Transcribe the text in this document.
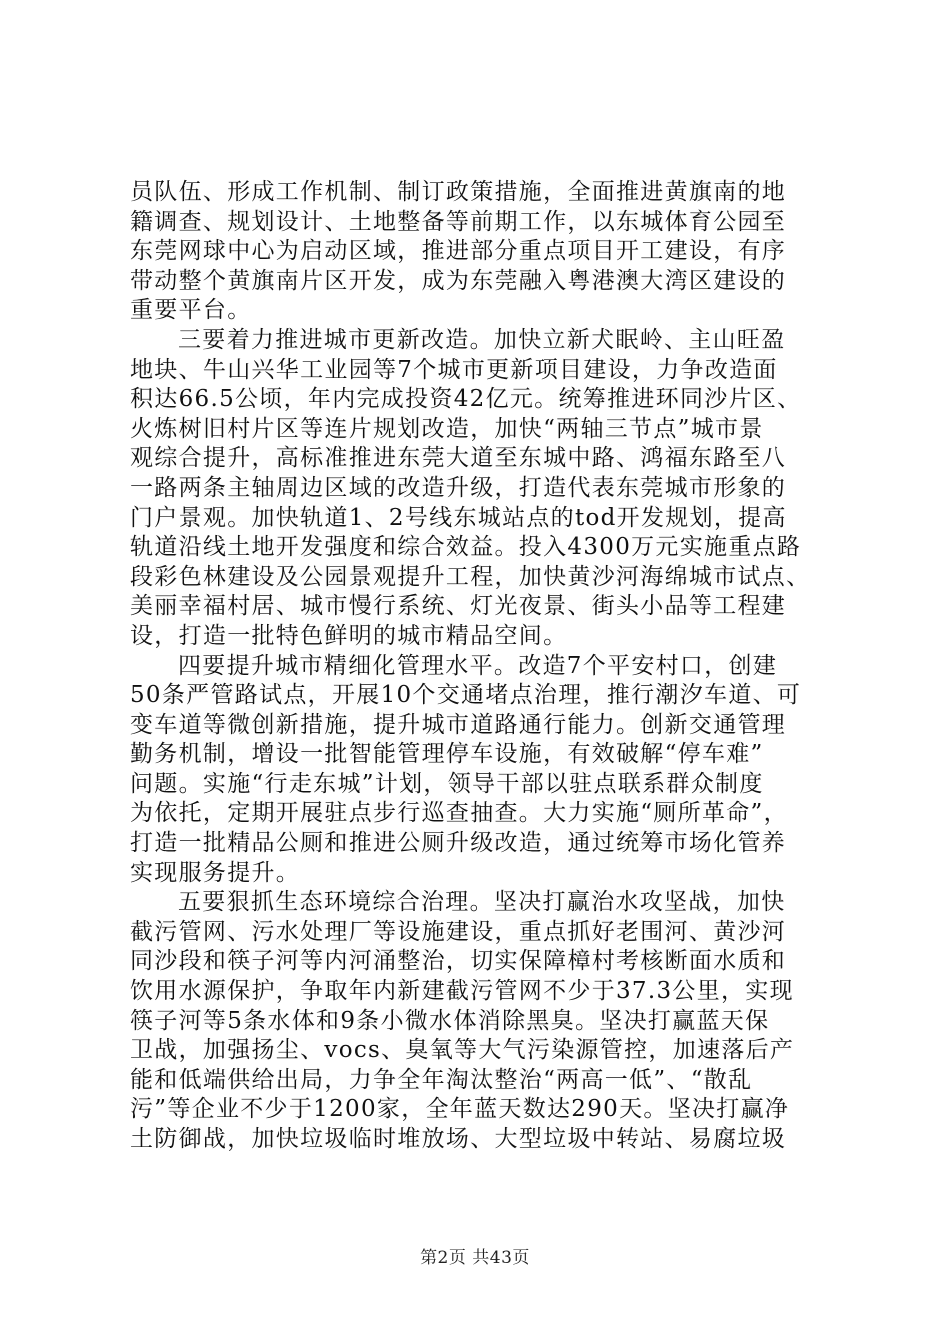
员队伍、形成工作机制、制订政策措施，全面推进黄旗南的地
籍调查、规划设计、土地整备等前期工作，以东城体育公园至
东莞网球中心为启动区域，推进部分重点项目开工建设，有序
带动整个黄旗南片区开发，成为东莞融入粤港澳大湾区建设的
重要平台。
三要着力推进城市更新改造。加快立新犬眠岭、主山旺盈
地块、牛山兴华工业园等7个城市更新项目建设，力争改造面
积达66.5公顷，年内完成投资42亿元。统筹推进环同沙片区、
火炼树旧村片区等连片规划改造，加快“两轴三节点”城市景
观综合提升，高标准推进东莞大道至东城中路、鸿福东路至八
一路两条主轴周边区域的改造升级，打造代表东莞城市形象的
门户景观。加快轨道1、2号线东城站点的tod开发规划，提高
轨道沿线土地开发强度和综合效益。投入4300万元实施重点路
段彩色林建设及公园景观提升工程，加快黄沙河海绵城市试点、
美丽幸福村居、城市慢行系统、灯光夜景、街头小品等工程建
设，打造一批特色鲜明的城市精品空间。
四要提升城市精细化管理水平。改造7个平安村口，创建
50条严管路试点，开展10个交通堵点治理，推行潮汐车道、可
变车道等微创新措施，提升城市道路通行能力。创新交通管理
勤务机制，增设一批智能管理停车设施，有效破解“停车难”
问题。实施“行走东城”计划，领导干部以驻点联系群众制度
为依托，定期开展驻点步行巡查抽查。大力实施“厕所革命”，
打造一批精品公厕和推进公厕升级改造，通过统筹市场化管养
实现服务提升。
五要狠抓生态环境综合治理。坚决打赢治水攻坚战，加快
截污管网、污水处理厂等设施建设，重点抓好老围河、黄沙河
同沙段和筷子河等内河涌整治，切实保障樟村考核断面水质和
饮用水源保护，争取年内新建截污管网不少于37.3公里，实现
筷子河等5条水体和9条小微水体消除黑臭。坚决打赢蓝天保
卫战，加强扬尘、vocs、臭氧等大气污染源管控，加速落后产
能和低端供给出局，力争全年淘汰整治“两高一低”、“散乱
污”等企业不少于1200家，全年蓝天数达290天。坚决打赢净
土防御战，加快垃圾临时堆放场、大型垃圾中转站、易腐垃圾
第2页 共43页
